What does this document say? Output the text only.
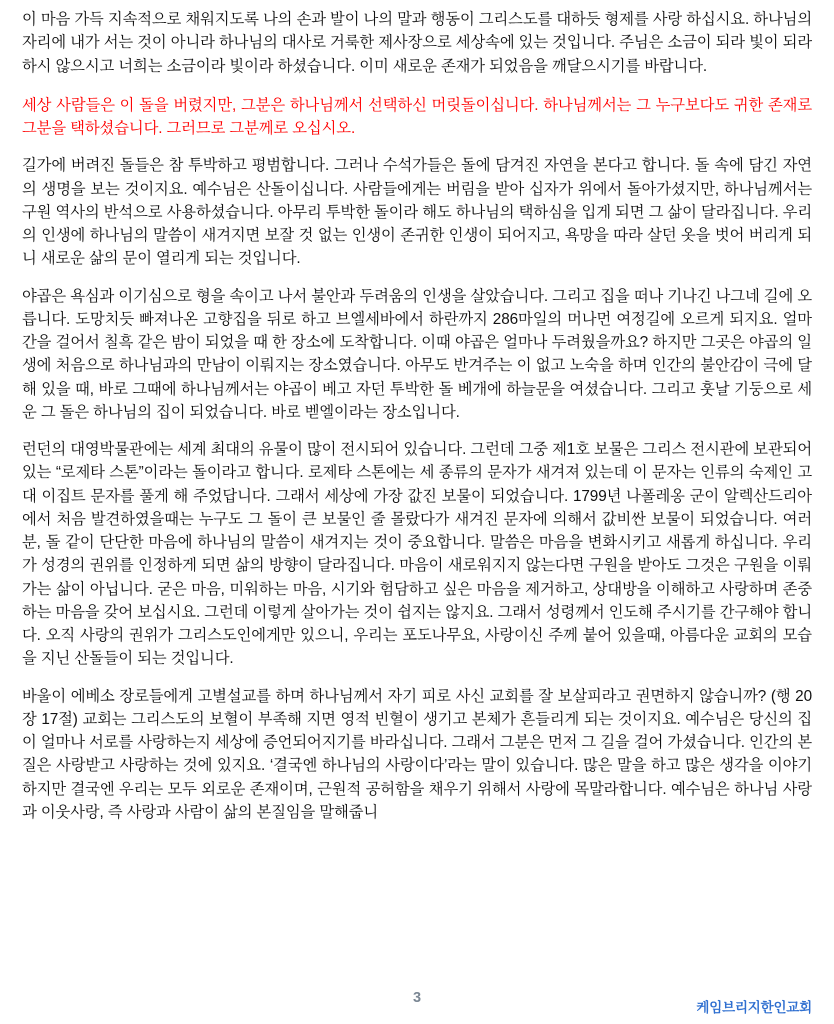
이 마음 가득 지속적으로 채워지도록 나의 손과 발이 나의 말과 행동이 그리스도를 대하듯 형제를 사랑 하십시요. 하나님의 자리에 내가 서는 것이 아니라 하나님의 대사로 거룩한 제사장으로 세상속에 있는 것입니다. 주님은 소금이 되라 빛이 되라 하시 않으시고 너희는 소금이라 빛이라 하셨습니다. 이미 새로운 존재가 되었음을 깨달으시기를 바랍니다.

세상 사람들은 이 돌을 버렸지만, 그분은 하나님께서 선택하신 머릿돌이십니다. 하나님께서는 그 누구보다도 귀한 존재로 그분을 택하셨습니다. 그러므로 그분께로 오십시오.

길가에 버려진 돌들은 참 투박하고 평범합니다. 그러나 수석가들은 돌에 담겨진 자연을 본다고 합니다. 돌 속에 담긴 자연의 생명을 보는 것이지요. 예수님은 산돌이십니다. 사람들에게는 버림을 받아 십자가 위에서 돌아가셨지만, 하나님께서는 구원 역사의 반석으로 사용하셨습니다. 아무리 투박한 돌이라 해도 하나님의 택하심을 입게 되면 그 삶이 달라집니다. 우리의 인생에 하나님의 말씀이 새겨지면 보잘 것 없는 인생이 존귀한 인생이 되어지고, 욕망을 따라 살던 옷을 벗어 버리게 되니 새로운 삶의 문이 열리게 되는 것입니다.

야곱은 욕심과 이기심으로 형을 속이고 나서 불안과 두려움의 인생을 살았습니다. 그리고 집을 떠나 기나긴 나그네 길에 오릅니다. 도망치듯 빠져나온 고향집을 뒤로 하고 브엘세바에서 하란까지 286마일의 머나먼 여정길에 오르게 되지요. 얼마간을 걸어서 칠흑 같은 밤이 되었을 때 한 장소에 도착합니다. 이때 야곱은 얼마나 두려웠을까요? 하지만 그곳은 야곱의 일생에 처음으로 하나님과의 만남이 이뤄지는 장소였습니다. 아무도 반겨주는 이 없고 노숙을 하며 인간의 불안감이 극에 달해 있을 때, 바로 그때에 하나님께서는 야곱이 베고 자던 투박한 돌 베개에 하늘문을 여셨습니다. 그리고 훗날 기둥으로 세운 그 돌은 하나님의 집이 되었습니다. 바로 벧엘이라는 장소입니다.

런던의 대영박물관에는 세계 최대의 유물이 많이 전시되어 있습니다. 그런데 그중 제1호 보물은 그리스 전시관에 보관되어 있는 “로제타 스톤”이라는 돌이라고 합니다. 로제타 스톤에는 세 종류의 문자가 새겨져 있는데 이 문자는 인류의 숙제인 고대 이집트 문자를 풀게 해 주었답니다. 그래서 세상에 가장 값진 보물이 되었습니다. 1799년 나폴레옹 군이 알렉산드리아에서 처음 발견하였을때는 누구도 그 돌이 큰 보물인 줄 몰랐다가 새겨진 문자에 의해서 값비싼 보물이 되었습니다. 여러분, 돌 같이 단단한 마음에 하나님의 말씀이 새겨지는 것이 중요합니다. 말씀은 마음을 변화시키고 새롭게 하십니다. 우리가 성경의 권위를 인정하게 되면 삶의 방향이 달라집니다. 마음이 새로워지지 않는다면 구원을 받아도 그것은 구원을 이뤄가는 삶이 아닙니다. 굳은 마음, 미워하는 마음, 시기와 험담하고 싶은 마음을 제거하고, 상대방을 이해하고 사랑하며 존중하는 마음을 갖어 보십시요. 그런데 이렇게 살아가는 것이 쉽지는 않지요. 그래서 성령께서 인도해 주시기를 간구해야 합니다. 오직 사랑의 권위가 그리스도인에게만 있으니, 우리는 포도나무요, 사랑이신 주께 붙어 있을때, 아름다운 교회의 모습을 지닌 산돌들이 되는 것입니다.

바울이 에베소 장로들에게 고별설교를 하며 하나님께서 자기 피로 사신 교회를 잘 보살피라고 권면하지 않습니까? (행 20장 17절) 교회는 그리스도의 보혈이 부족해 지면 영적 빈혈이 생기고 본체가 흔들리게 되는 것이지요. 예수님은 당신의 집이 얼마나 서로를 사랑하는지 세상에 증언되어지기를 바라십니다. 그래서 그분은 먼저 그 길을 걸어 가셨습니다. 인간의 본질은 사랑받고 사랑하는 것에 있지요. ‘결국엔 하나님의 사랑이다’라는 말이 있습니다. 많은 말을 하고 많은 생각을 이야기하지만 결국엔 우리는 모두 외로운 존재이며, 근원적 공허함을 채우기 위해서 사랑에 목말라합니다. 예수님은 하나님 사랑과 이웃사랑, 즉 사랑과 사람이 삶의 본질임을 말해줍니

3
케임브리지한인교회
